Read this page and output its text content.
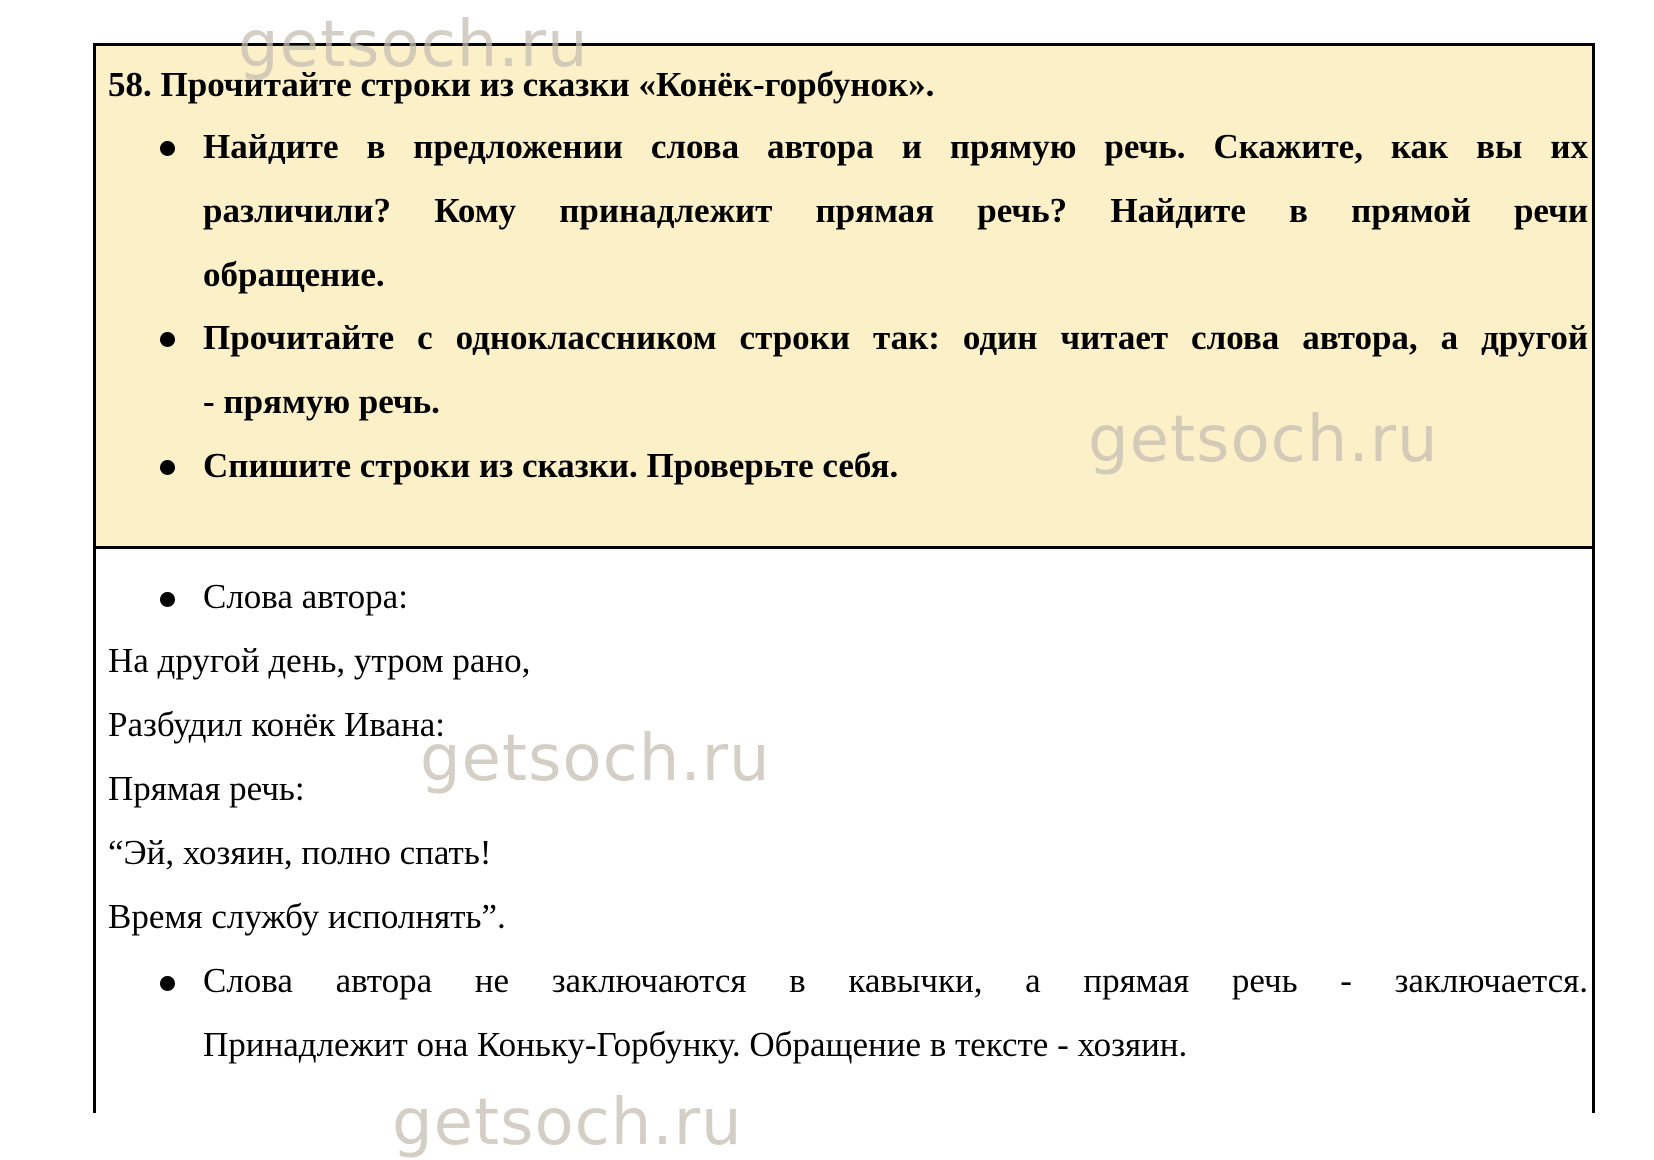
58. Прочитайте строки из сказки «Конёк-горбунок».
Найдите в предложении слова автора и прямую речь. Скажите, как вы их
различили? Кому принадлежит прямая речь? Найдите в прямой речи
обращение.
Прочитайте с одноклассником строки так: один читает слова автора, а другой
- прямую речь.
Спишите строки из сказки. Проверьте себя.
Слова автора:
На другой день, утром рано,
Разбудил конёк Ивана:
Прямая речь:
“Эй, хозяин, полно спать!
Время службу исполнять”.
Слова автора не заключаются в кавычки, а прямая речь - заключается.
Принадлежит она Коньку-Горбунку. Обращение в тексте - хозяин.
getsoch.ru
getsoch.ru
getsoch.ru
getsoch.ru
